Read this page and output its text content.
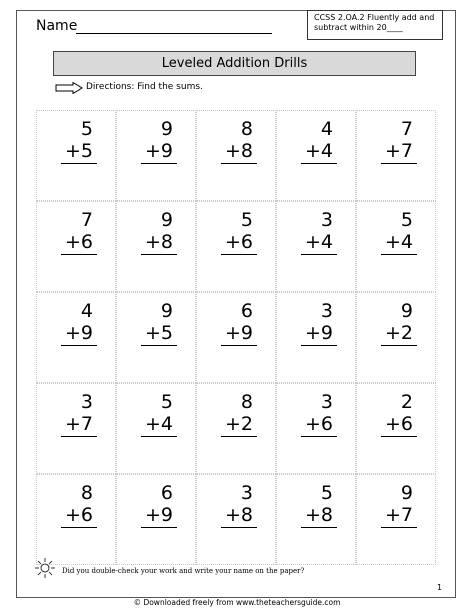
Name
CCSS 2.OA.2 Fluently add and
subtract within 20____
Leveled Addition Drills
Directions: Find the sums.
5
+5
9
+9
8
+8
4
+4
7
+7
7
+6
9
+8
5
+6
3
+4
5
+4
4
+9
9
+5
6
+9
3
+9
9
+2
3
+7
5
+4
8
+2
3
+6
2
+6
8
+6
6
+9
3
+8
5
+8
9
+7
Did you double-check your work and write your name on the paper?
1
© Downloaded freely from www.theteachersguide.com
